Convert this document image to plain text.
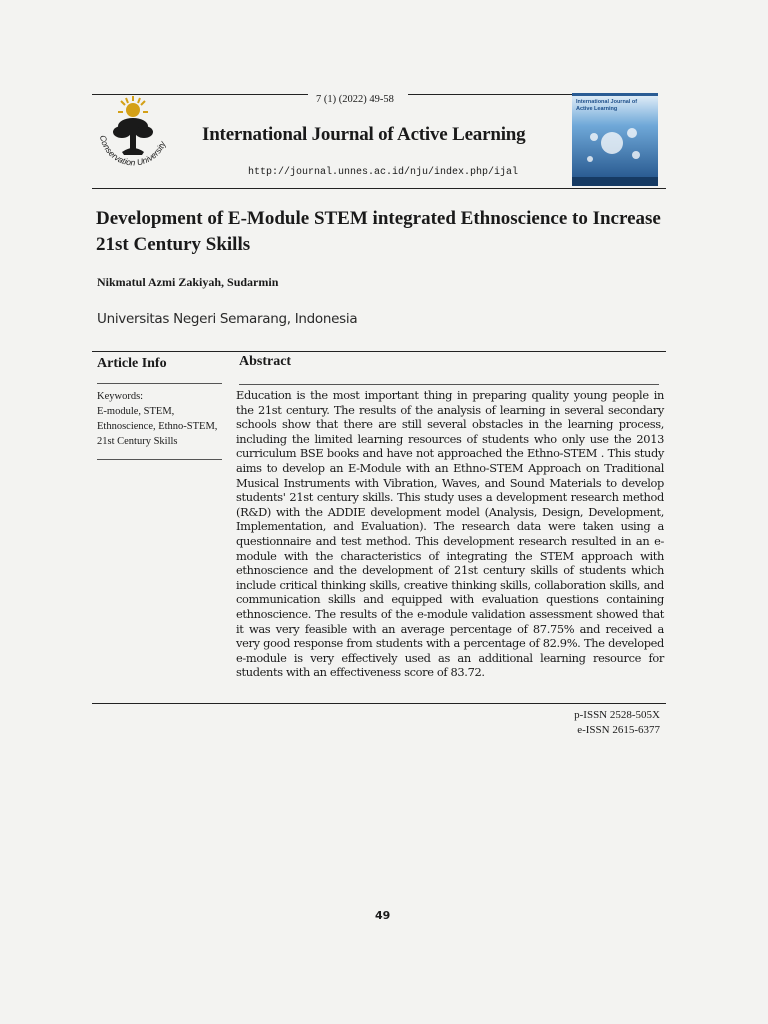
7 (1) (2022) 49-58
International Journal of Active Learning
http://journal.unnes.ac.id/nju/index.php/ijal
Conservation University
International Journal of Active Learning
Development of E-Module STEM integrated Ethnoscience to Increase 21st Century Skills
Nikmatul Azmi Zakiyah, Sudarmin
Universitas Negeri Semarang, Indonesia
Article Info	Abstract
Keywords:
E-module, STEM, Ethnoscience, Ethno-STEM, 21st Century Skills
Education is the most important thing in preparing quality young people in the 21st century. The results of the analysis of learning in several secondary schools show that there are still several obstacles in the learning process, including the limited learning resources of students who only use the 2013 curriculum BSE books and have not approached the Ethno-STEM . This study aims to develop an E-Module with an Ethno-STEM Approach on Traditional Musical Instruments with Vibration, Waves, and Sound Materials to develop students' 21st century skills. This study uses a development research method (R&D) with the ADDIE development model (Analysis, Design, Development, Implementation, and Evaluation). The research data were taken using a questionnaire and test method. This development research resulted in an e-module with the characteristics of integrating the STEM approach with ethnoscience and the development of 21st century skills of students which include critical thinking skills, creative thinking skills, collaboration skills, and communication skills and equipped with evaluation questions containing ethnoscience. The results of the e-module validation assessment showed that it was very feasible with an average percentage of 87.75% and received a very good response from students with a percentage of 82.9%. The developed e-module is very effectively used as an additional learning resource for students with an effectiveness score of 83.72.
p-ISSN 2528-505X
e-ISSN 2615-6377
49
